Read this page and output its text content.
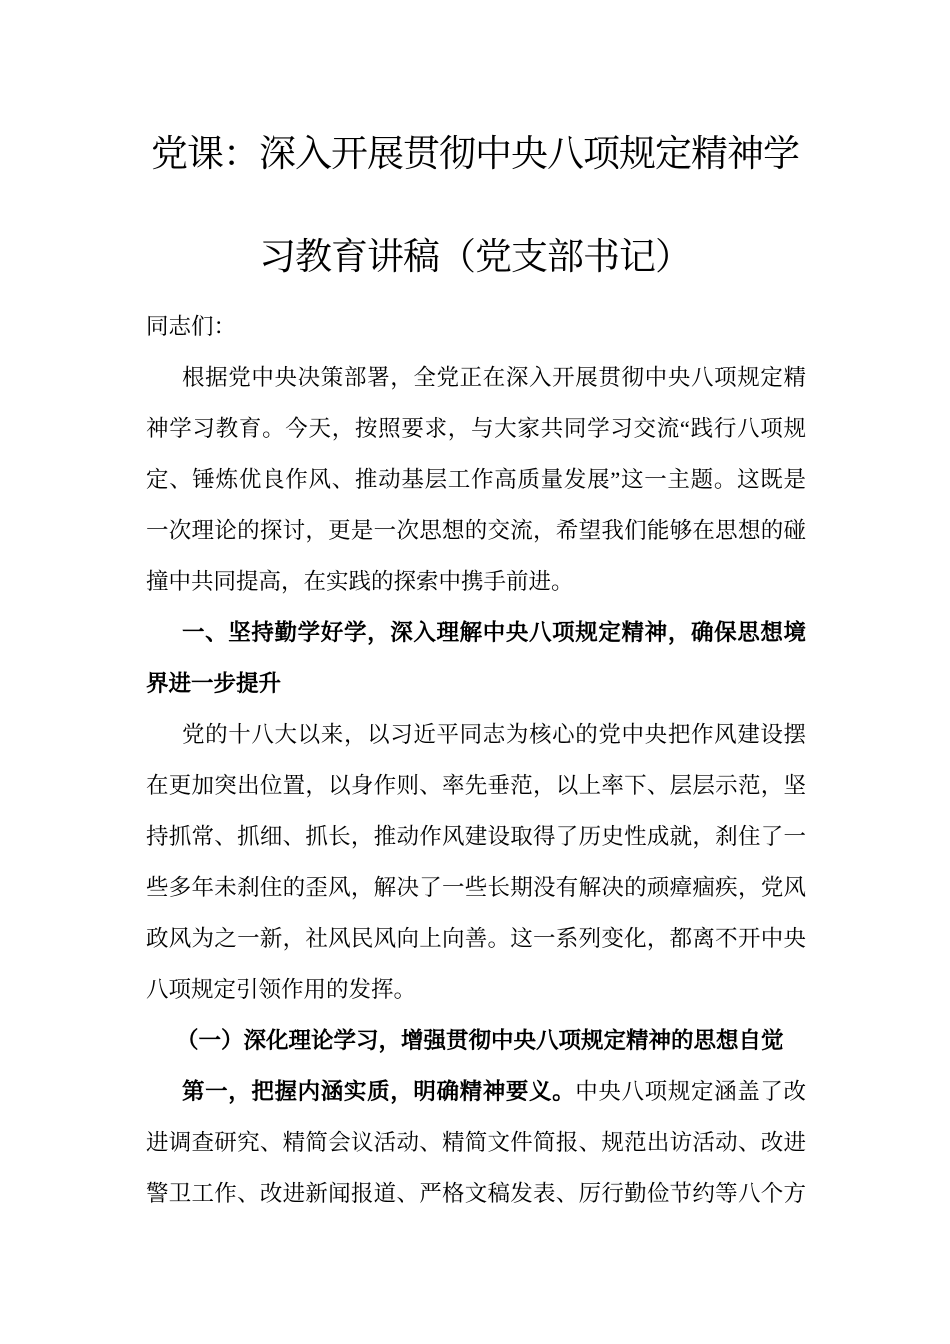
党课：深入开展贯彻中央八项规定精神学
习教育讲稿（党支部书记）
同志们：
根据党中央决策部署，全党正在深入开展贯彻中央八项规定精
神学习教育。今天，按照要求，与大家共同学习交流“践行八项规
定、锤炼优良作风、推动基层工作高质量发展”这一主题。这既是
一次理论的探讨，更是一次思想的交流，希望我们能够在思想的碰
撞中共同提高，在实践的探索中携手前进。
一、坚持勤学好学，深入理解中央八项规定精神，确保思想境
界进一步提升
党的十八大以来，以习近平同志为核心的党中央把作风建设摆
在更加突出位置，以身作则、率先垂范，以上率下、层层示范，坚
持抓常、抓细、抓长，推动作风建设取得了历史性成就，刹住了一
些多年未刹住的歪风，解决了一些长期没有解决的顽瘴痼疾，党风
政风为之一新，社风民风向上向善。这一系列变化，都离不开中央
八项规定引领作用的发挥。
（一）深化理论学习，增强贯彻中央八项规定精神的思想自觉
第一，把握内涵实质，明确精神要义。中央八项规定涵盖了改
进调查研究、精简会议活动、精简文件简报、规范出访活动、改进
警卫工作、改进新闻报道、严格文稿发表、厉行勤俭节约等八个方
